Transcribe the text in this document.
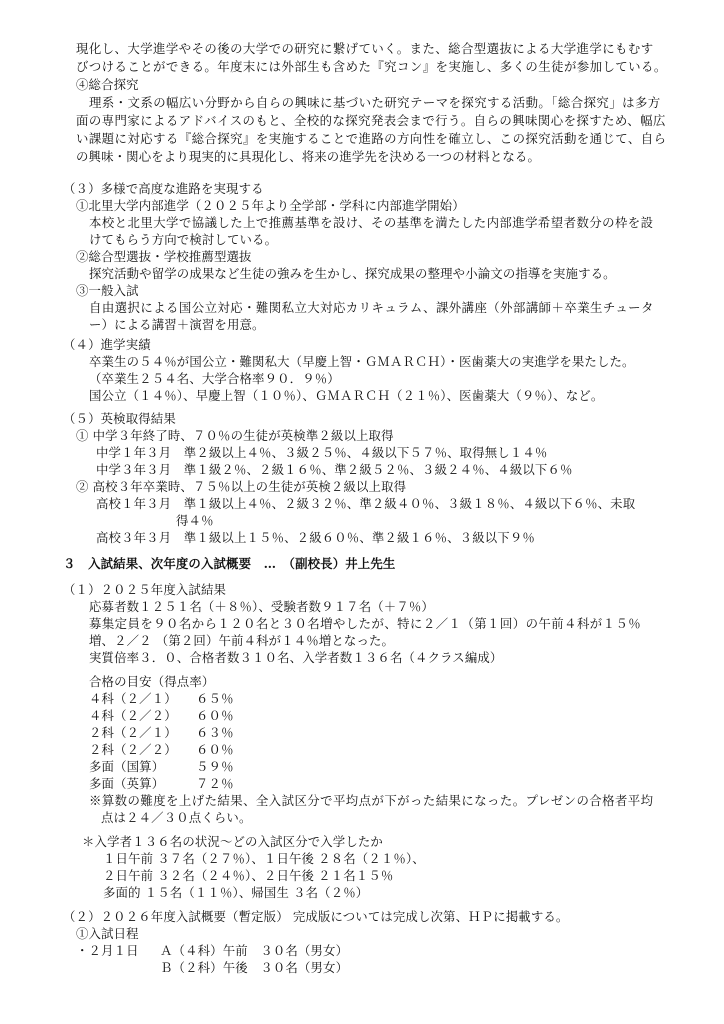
現化し、大学進学やその後の大学での研究に繋げていく。また、総合型選抜による大学進学にもむす
びつけることができる。年度末には外部生も含めた『究コン』を実施し、多くの生徒が参加している。
④総合探究
理系・文系の幅広い分野から自らの興味に基づいた研究テーマを探究する活動。「総合探究」は多方
面の専門家によるアドバイスのもと、全校的な探究発表会まで行う。自らの興味関心を探すため、幅広
い課題に対応する『総合探究』を実施することで進路の方向性を確立し、この探究活動を通じて、自ら
の興味・関心をより現実的に具現化し、将来の進学先を決める一つの材料となる。
（３）多様で高度な進路を実現する
①北里大学内部進学（２０２５年より全学部・学科に内部進学開始）
本校と北里大学で協議した上で推薦基準を設け、その基準を満たした内部進学希望者数分の枠を設
けてもらう方向で検討している。
②総合型選抜・学校推薦型選抜
探究活動や留学の成果など生徒の強みを生かし、探究成果の整理や小論文の指導を実施する。
③一般入試
自由選択による国公立対応・難関私立大対応カリキュラム、課外講座（外部講師＋卒業生チュータ
ー）による講習＋演習を用意。
（４）進学実績
卒業生の５４％が国公立・難関私大（早慶上智・ＧＭＡＲＣＨ）・医歯薬大の実進学を果たした。
（卒業生２５４名、大学合格率９０．９％）
国公立（１４％）、早慶上智（１０％）、ＧＭＡＲＣＨ（２１％）、医歯薬大（９％）、など。
（５）英検取得結果
① 中学３年終了時、７０％の生徒が英検準２級以上取得
中学１年３月　準２級以上４％、３級２５％、４級以下５７％、取得無し１４％
中学３年３月　準１級２％、２級１６％、準２級５２％、３級２４％、４級以下６％
② 高校３年卒業時、７５％以上の生徒が英検２級以上取得
高校１年３月　準１級以上４％、２級３２％、準２級４０％、３級１８％、４級以下６％、未取
得４％
高校３年３月　準１級以上１５％、２級６０％、準２級１６％、３級以下９％
３　入試結果、次年度の入試概要　…　（副校長）井上先生
（１）２０２５年度入試結果
応募者数１２５１名（＋８％）、受験者数９１７名（＋７％）
募集定員を９０名から１２０名と３０名増やしたが、特に２／１（第１回）の午前４科が１５％
増、２／２ （第２回）午前４科が１４％増となった。
実質倍率３．０、合格者数３１０名、入学者数１３６名（４クラス編成）
合格の目安（得点率）
４科（２／１） ６５％
４科（２／２） ６０％
２科（２／１） ６３％
２科（２／２） ６０％
多面（国算）	５９％
多面（英算）	７２％
※算数の難度を上げた結果、全入試区分で平均点が下がった結果になった。プレゼンの合格者平均
点は２４／３０点くらい。
＊入学者１３６名の状況〜どの入試区分で入学したか
１日午前 ３７名（２７％）、１日午後 ２８名（２１％）、
２日午前 ３２名（２４％）、２日午後 ２１名１５％
多面的 １５名（１１％）、帰国生 ３名（２％）
（２）２０２６年度入試概要（暫定版） 完成版については完成し次第、ＨＰに掲載する。
①入試日程
・２月１日 Ａ（４科）午前　３０名（男女）
Ｂ（２科）午後　３０名（男女）
